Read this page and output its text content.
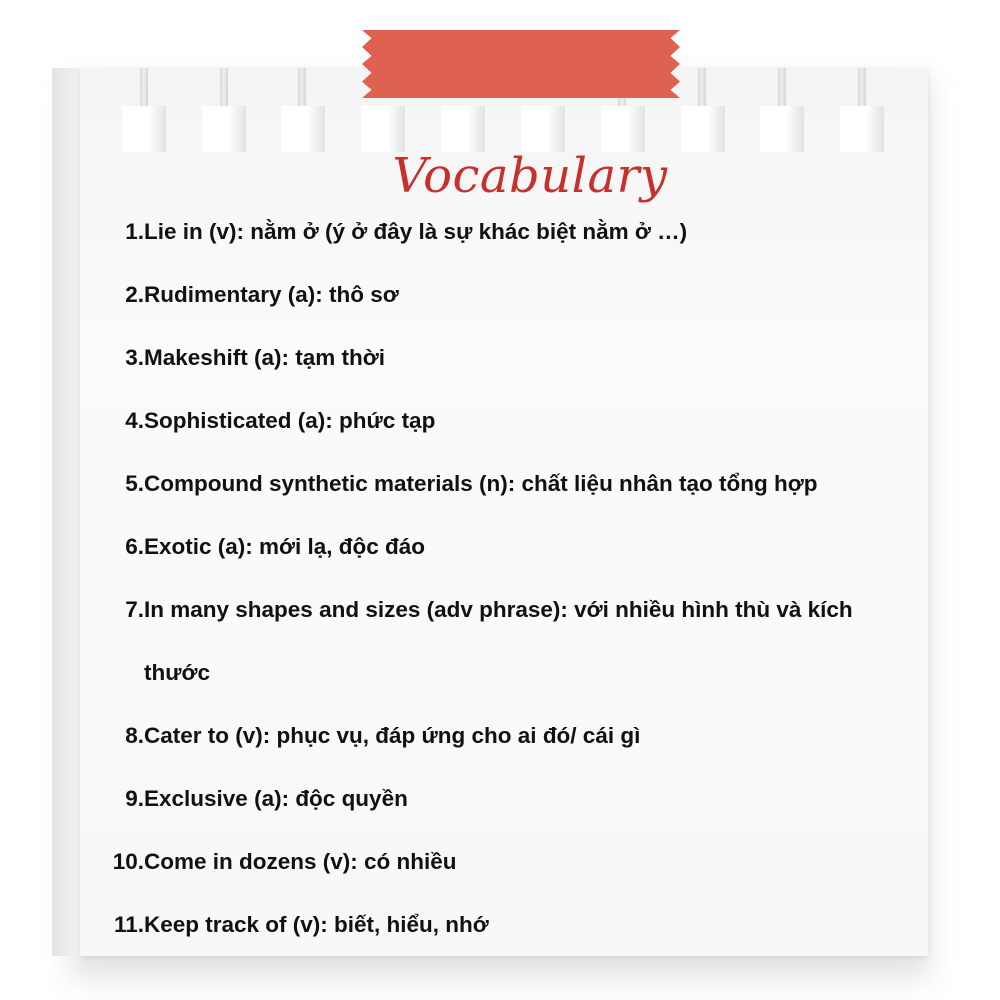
Vocabulary
1. Lie in (v): nằm ở (ý ở đây là sự khác biệt nằm ở …)
2. Rudimentary (a): thô sơ
3. Makeshift (a): tạm thời
4. Sophisticated (a): phức tạp
5. Compound synthetic materials (n): chất liệu nhân tạo tổng hợp
6. Exotic (a): mới lạ, độc đáo
7. In many shapes and sizes (adv phrase): với nhiều hình thù và kích thước
8. Cater to (v): phục vụ, đáp ứng cho ai đó/ cái gì
9. Exclusive (a): độc quyền
10. Come in dozens (v): có nhiều
11. Keep track of (v): biết, hiểu, nhớ
